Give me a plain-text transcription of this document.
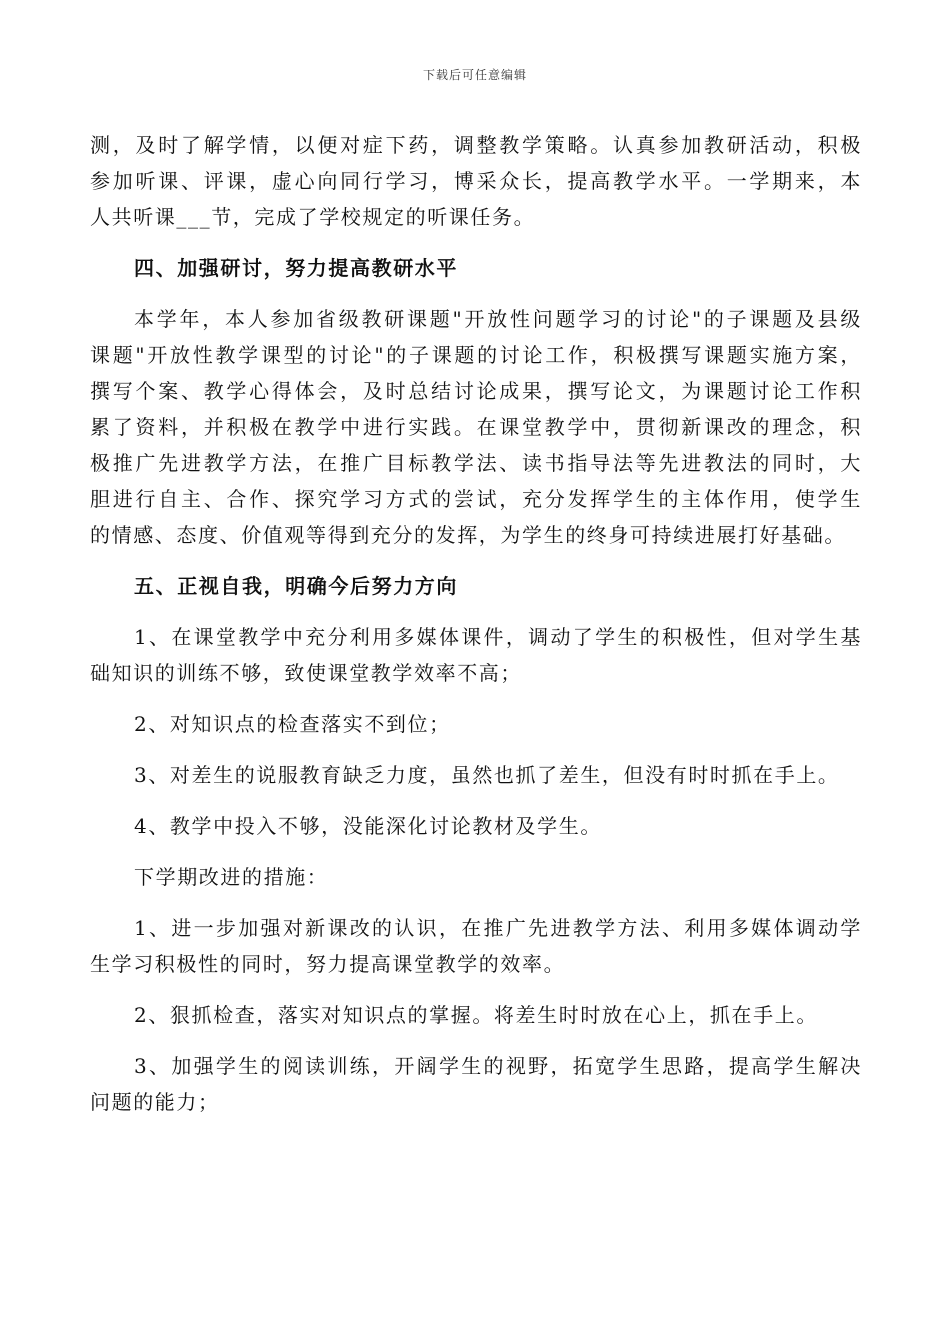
下载后可任意编辑
测，及时了解学情，以便对症下药，调整教学策略。认真参加教研活动，积极
参加听课、评课，虚心向同行学习，博采众长，提高教学水平。一学期来，本
人共听课___节，完成了学校规定的听课任务。
四、加强研讨，努力提高教研水平
本学年，本人参加省级教研课题"开放性问题学习的讨论"的子课题及县级
课题"开放性教学课型的讨论"的子课题的讨论工作，积极撰写课题实施方案，
撰写个案、教学心得体会，及时总结讨论成果，撰写论文，为课题讨论工作积
累了资料，并积极在教学中进行实践。在课堂教学中，贯彻新课改的理念，积
极推广先进教学方法，在推广目标教学法、读书指导法等先进教法的同时，大
胆进行自主、合作、探究学习方式的尝试，充分发挥学生的主体作用，使学生
的情感、态度、价值观等得到充分的发挥，为学生的终身可持续进展打好基础。
五、正视自我，明确今后努力方向
1、在课堂教学中充分利用多媒体课件，调动了学生的积极性，但对学生基
础知识的训练不够，致使课堂教学效率不高；
2、对知识点的检查落实不到位；
3、对差生的说服教育缺乏力度，虽然也抓了差生，但没有时时抓在手上。
4、教学中投入不够，没能深化讨论教材及学生。
下学期改进的措施：
1、进一步加强对新课改的认识，在推广先进教学方法、利用多媒体调动学
生学习积极性的同时，努力提高课堂教学的效率。
2、狠抓检查，落实对知识点的掌握。将差生时时放在心上，抓在手上。
3、加强学生的阅读训练，开阔学生的视野，拓宽学生思路，提高学生解决
问题的能力；
